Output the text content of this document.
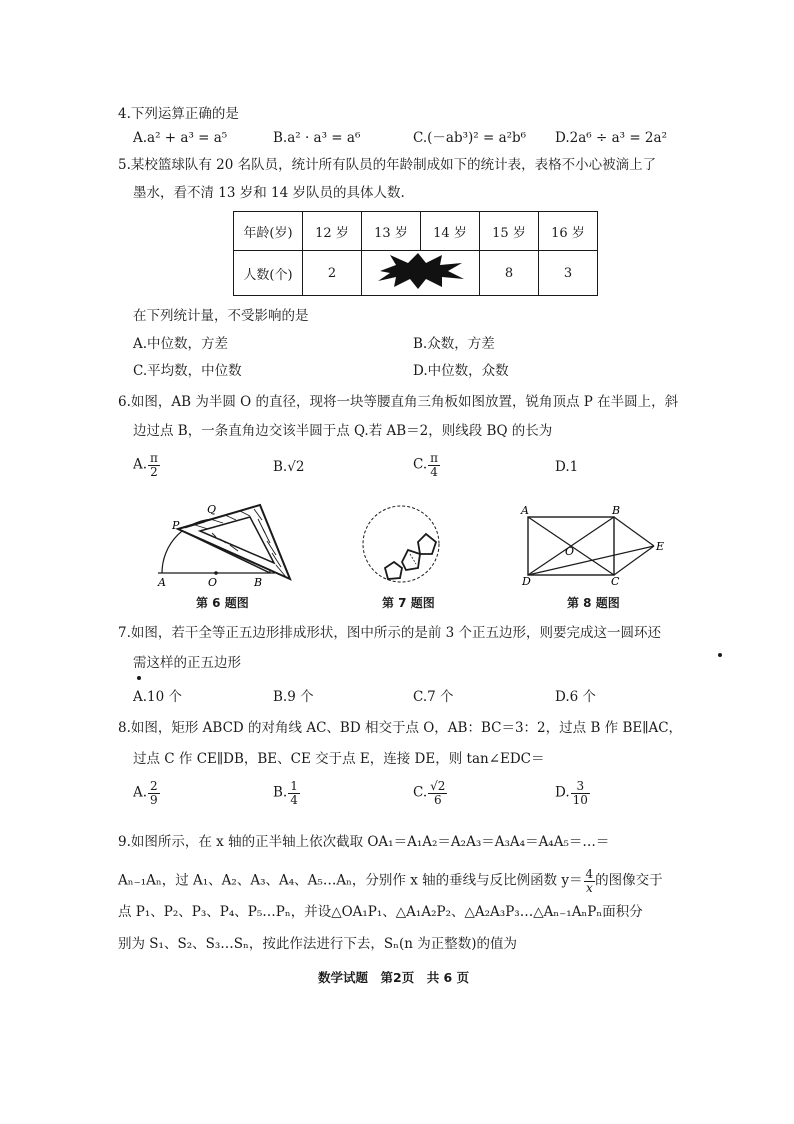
4.下列运算正确的是
A.a² + a³ = a⁵	B.a² · a³ = a⁶	C.(－ab³)² = a²b⁶ D.2a⁶ ÷ a³ = 2a²
5.某校篮球队有 20 名队员，统计所有队员的年龄制成如下的统计表，表格不小心被滴上了
墨水，看不清 13 岁和 14 岁队员的具体人数.
年龄(岁)	12 岁	13 岁	14 岁	15 岁	16 岁
人数(个)	2			8	3
在下列统计量，不受影响的是
A.中位数，方差	B.众数，方差
C.平均数，中位数	D.中位数，众数
6.如图，AB 为半圆 O 的直径，现将一块等腰直角三角板如图放置，锐角顶点 P 在半圆上，斜
边过点 B，一条直角边交该半圆于点 Q.若 AB＝2，则线段 BQ 的长为
A. $\frac{\pi}{2}$	B.√2	C. $\frac{\pi}{4}$	D.1
P
Q
A	O	B
第 6 题图	第 7 题图
A	B
O	E
D	C
第 8 题图
7.如图，若干全等正五边形排成形状，图中所示的是前 3 个正五边形，则要完成这一圆环还
需这样的正五边形
A.10 个	B.9 个	C.7 个	D.6 个
8.如图，矩形 ABCD 的对角线 AC、BD 相交于点 O，AB：BC＝3：2，过点 B 作 BE∥AC，
过点 C 作 CE∥DB，BE、CE 交于点 E，连接 DE，则 tan∠EDC＝
A. $\frac{2}{9}$	B. $\frac{1}{4}$	C. $\frac{√2}{6}$	D. $\frac{3}{10}$
9.如图所示，在 x 轴的正半轴上依次截取 OA₁＝A₁A₂＝A₂A₃＝A₃A₄＝A₄A₅＝…＝
Aₙ₋₁Aₙ，过 A₁、A₂、A₃、A₄、A₅…Aₙ，分别作 x 轴的垂线与反比例函数 $y= \frac{4}{x}$ 的图像交于
点 P₁、P₂、P₃、P₄、P₅…Pₙ，并设△OA₁P₁、△A₁A₂P₂、△A₂A₃P₃…△Aₙ₋₁AₙPₙ面积分
别为 S₁、S₂、S₃…Sₙ，按此作法进行下去，Sₙ(n 为正整数)的值为
数学试题　第2页　共 6 页
